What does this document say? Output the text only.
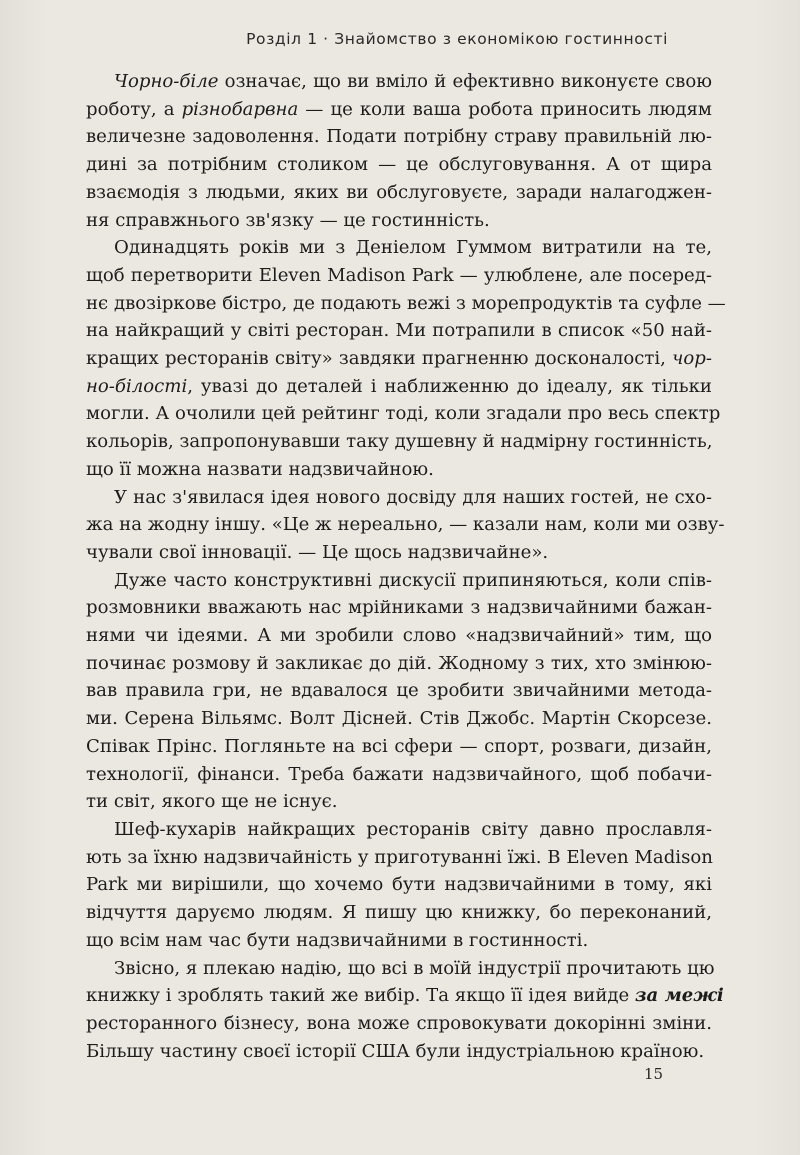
Розділ 1 · Знайомство з економікою гостинності
Чорно-біле означає, що ви вміло й ефективно виконуєте свою
роботу, а різнобарвна — це коли ваша робота приносить людям
величезне задоволення. Подати потрібну страву правильній лю-
дині за потрібним столиком — це обслуговування. А от щира
взаємодія з людьми, яких ви обслуговуєте, заради налагоджен-
ня справжнього зв'язку — це гостинність.
Одинадцять років ми з Деніелом Гуммом витратили на те,
щоб перетворити Eleven Madison Park — улюблене, але посеред-
нє двозіркове бістро, де подають вежі з морепродуктів та суфле —
на найкращий у світі ресторан. Ми потрапили в список «50 най-
кращих ресторанів світу» завдяки прагненню досконалості, чор-
но-білості, увазі до деталей і наближенню до ідеалу, як тільки
могли. А очолили цей рейтинг тоді, коли згадали про весь спектр
кольорів, запропонувавши таку душевну й надмірну гостинність,
що її можна назвати надзвичайною.
У нас з'явилася ідея нового досвіду для наших гостей, не схо-
жа на жодну іншу. «Це ж нереально, — казали нам, коли ми озву-
чували свої інновації. — Це щось надзвичайне».
Дуже часто конструктивні дискусії припиняються, коли спів-
розмовники вважають нас мрійниками з надзвичайними бажан-
нями чи ідеями. А ми зробили слово «надзвичайний» тим, що
починає розмову й закликає до дій. Жодному з тих, хто змінюю-
вав правила гри, не вдавалося це зробити звичайними метода-
ми. Серена Вільямс. Волт Дісней. Стів Джобс. Мартін Скорсезе.
Співак Прінс. Погляньте на всі сфери — спорт, розваги, дизайн,
технології, фінанси. Треба бажати надзвичайного, щоб побачи-
ти світ, якого ще не існує.
Шеф-кухарів найкращих ресторанів світу давно прославля-
ють за їхню надзвичайність у приготуванні їжі. В Eleven Madison
Park ми вирішили, що хочемо бути надзвичайними в тому, які
відчуття даруємо людям. Я пишу цю книжку, бо переконаний,
що всім нам час бути надзвичайними в гостинності.
Звісно, я плекаю надію, що всі в моїй індустрії прочитають цю
книжку і зроблять такий же вибір. Та якщо її ідея вийде за межі
ресторанного бізнесу, вона може спровокувати докорінні зміни.
Більшу частину своєї історії США були індустріальною країною.
15
